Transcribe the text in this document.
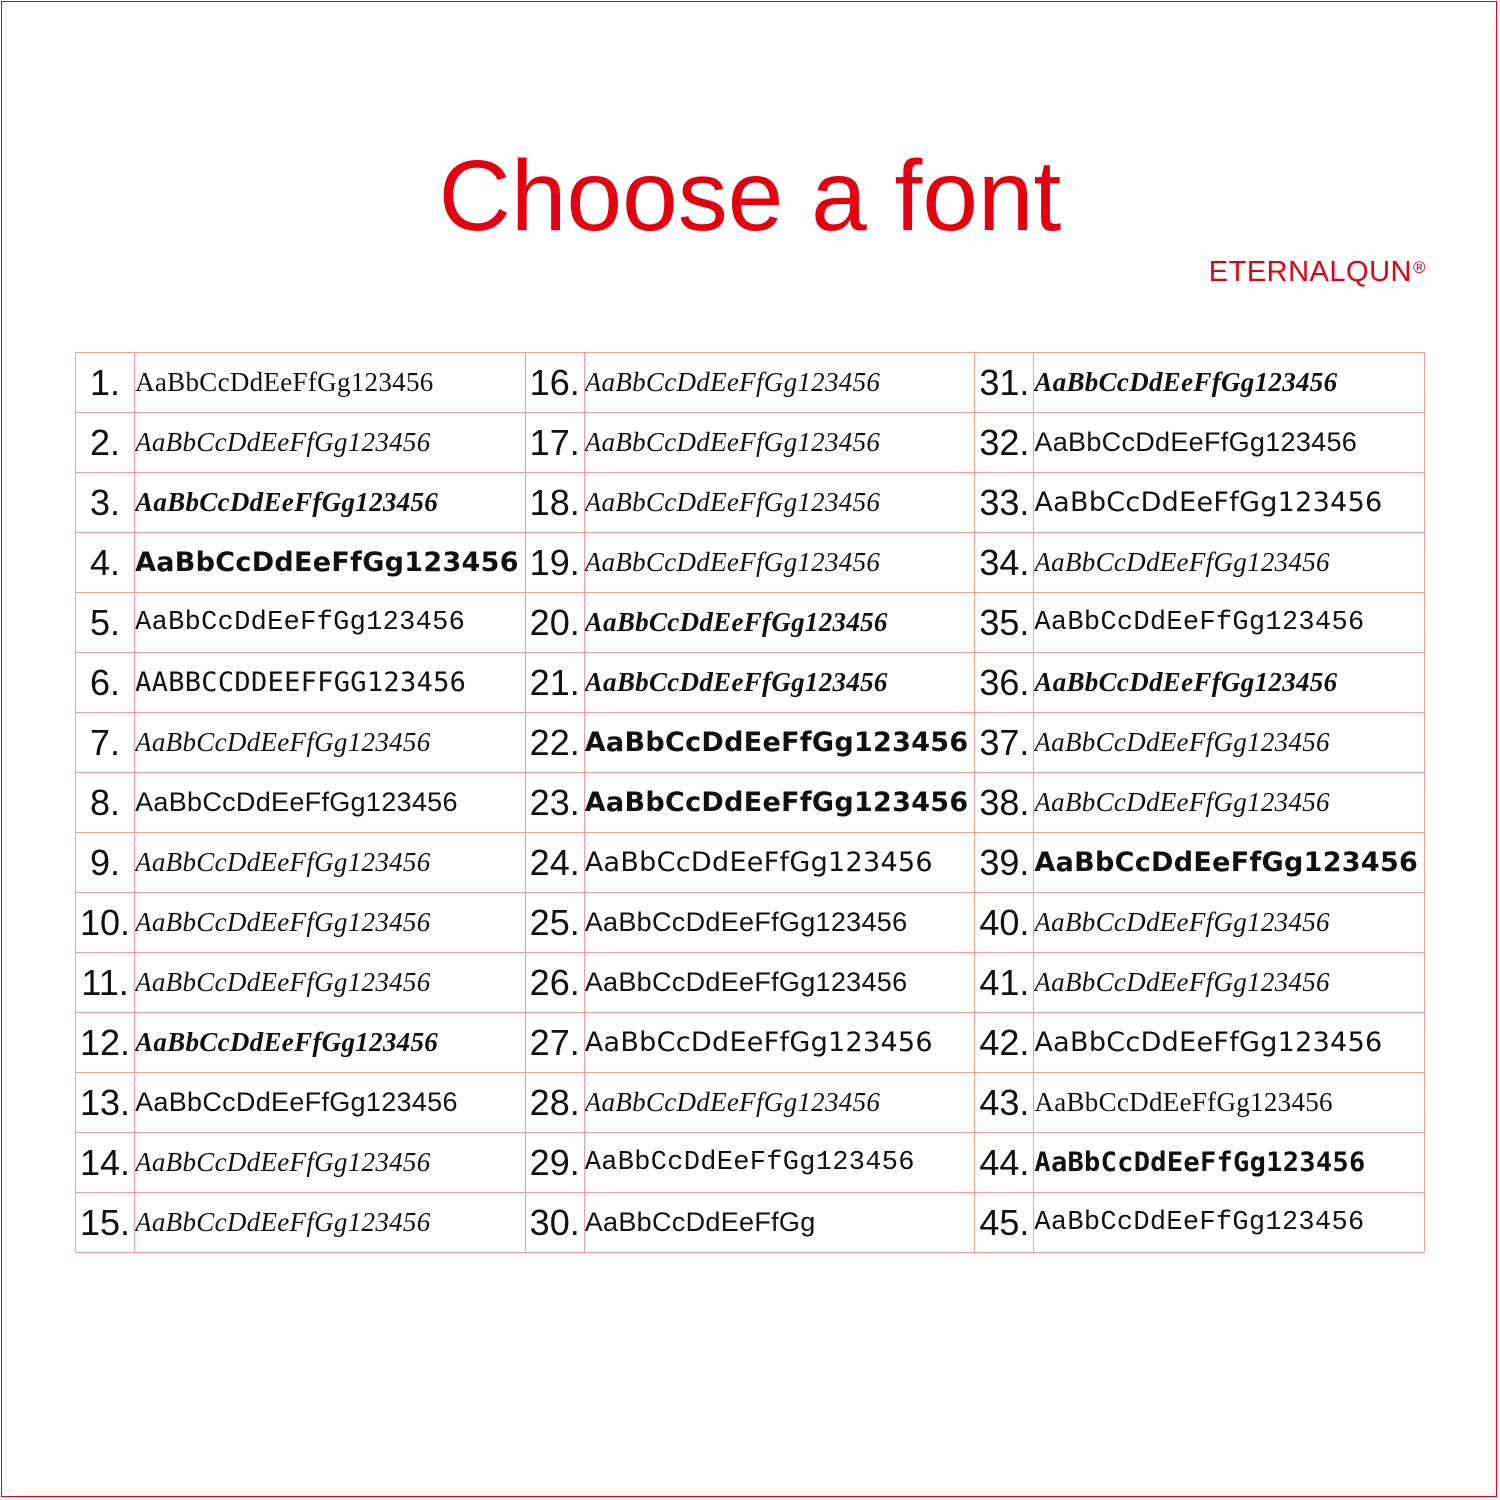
Choose a font
ETERNALQUN®
1.	AaBbCcDdEeFfGg123456	16.	AaBbCcDdEeFfGg123456	31.	AaBbCcDdEeFfGg123456
2.	AaBbCcDdEeFfGg123456	17.	AaBbCcDdEeFfGg123456	32.	AaBbCcDdEeFfGg123456
3.	AaBbCcDdEeFfGg123456	18.	AaBbCcDdEeFfGg123456	33.	AaBbCcDdEeFfGg123456
4.	AaBbCcDdEeFfGg123456	19.	AaBbCcDdEeFfGg123456	34.	AaBbCcDdEeFfGg123456
5.	AaBbCcDdEeFfGg123456	20.	AaBbCcDdEeFfGg123456	35.	AaBbCcDdEeFfGg123456
6.	AABBCCDDEEFFGG123456	21.	AaBbCcDdEeFfGg123456	36.	AaBbCcDdEeFfGg123456
7.	AaBbCcDdEeFfGg123456	22.	AaBbCcDdEeFfGg123456	37.	AaBbCcDdEeFfGg123456
8.	AaBbCcDdEeFfGg123456	23.	AaBbCcDdEeFfGg123456	38.	AaBbCcDdEeFfGg123456
9.	AaBbCcDdEeFfGg123456	24.	AaBbCcDdEeFfGg123456	39.	AaBbCcDdEeFfGg123456
10.	AaBbCcDdEeFfGg123456	25.	AaBbCcDdEeFfGg123456	40.	AaBbCcDdEeFfGg123456
11.	AaBbCcDdEeFfGg123456	26.	AaBbCcDdEeFfGg123456	41.	AaBbCcDdEeFfGg123456
12.	AaBbCcDdEeFfGg123456	27.	AaBbCcDdEeFfGg123456	42.	AaBbCcDdEeFfGg123456
13.	AaBbCcDdEeFfGg123456	28.	AaBbCcDdEeFfGg123456	43.	AaBbCcDdEeFfGg123456
14.	AaBbCcDdEeFfGg123456	29.	AaBbCcDdEeFfGg123456	44.	AaBbCcDdEeFfGg123456
15.	AaBbCcDdEeFfGg123456	30.	AaBbCcDdEeFfGg	45.	AaBbCcDdEeFfGg123456
